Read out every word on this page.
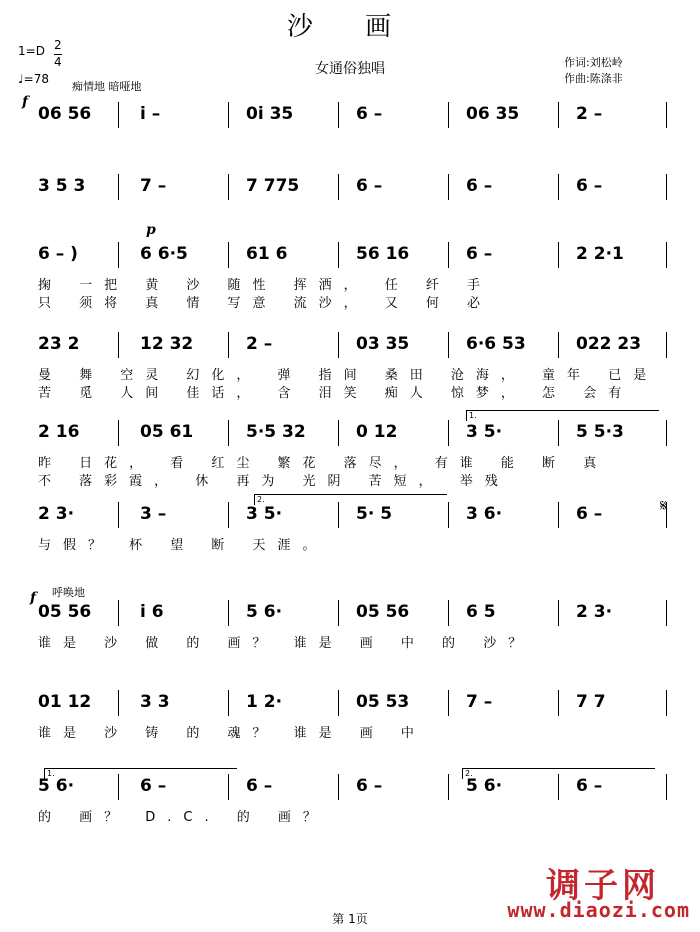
沙 画
女通俗独唱
1=D 2
4
♩=78
痴情地 暗哑地
作词:刘松岭
作曲:陈涤非
06 56	i –	0i 35	6 –	06 35	2 –
3 5 3	7 –	7 775	6 –	6 –	6 –
6 – )	6 6·5	61 6	56 16	6 –	2 2·1
掬 一把 黄 沙 随性 挥洒， 任 纤 手
只 须将 真 情 写意 流沙， 又 何 必
23 2	12 32	2 –	03 35	6·6 53	022 23
曼 舞 空灵 幻化， 弹 指间 桑田 沧海， 童年 已是
苦 觅 人间 佳话， 含 泪笑 痴人 惊梦， 怎 会有
2 16	05 61	5·5 32	0 12	3 5·	5 5·3
昨 日花， 看 红尘 繁花 落尽， 有谁 能 断 真
不 落彩霞， 休 再为 光阴 苦短， 举残
2 3·	3 –	3 5·	5· 5	3 6·	6 –
与假？ 杯 望 断 天涯。
05 56	i 6	5 6·	05 56	6 5	2 3·
谁是 沙 做 的 画？ 谁是 画 中 的 沙？
呼唤地
01 12	3 3	1 2·	05 53	7 –	7 7
谁是 沙 铸 的 魂？ 谁是 画 中
5 6·	6 –	6 –	6 –	5 6·	6 –
的 画？ D.C. 的 画？
调子网
www.diaozi.com
第 1页
f
p
f
𝄋
1.
2.
1.	2.
